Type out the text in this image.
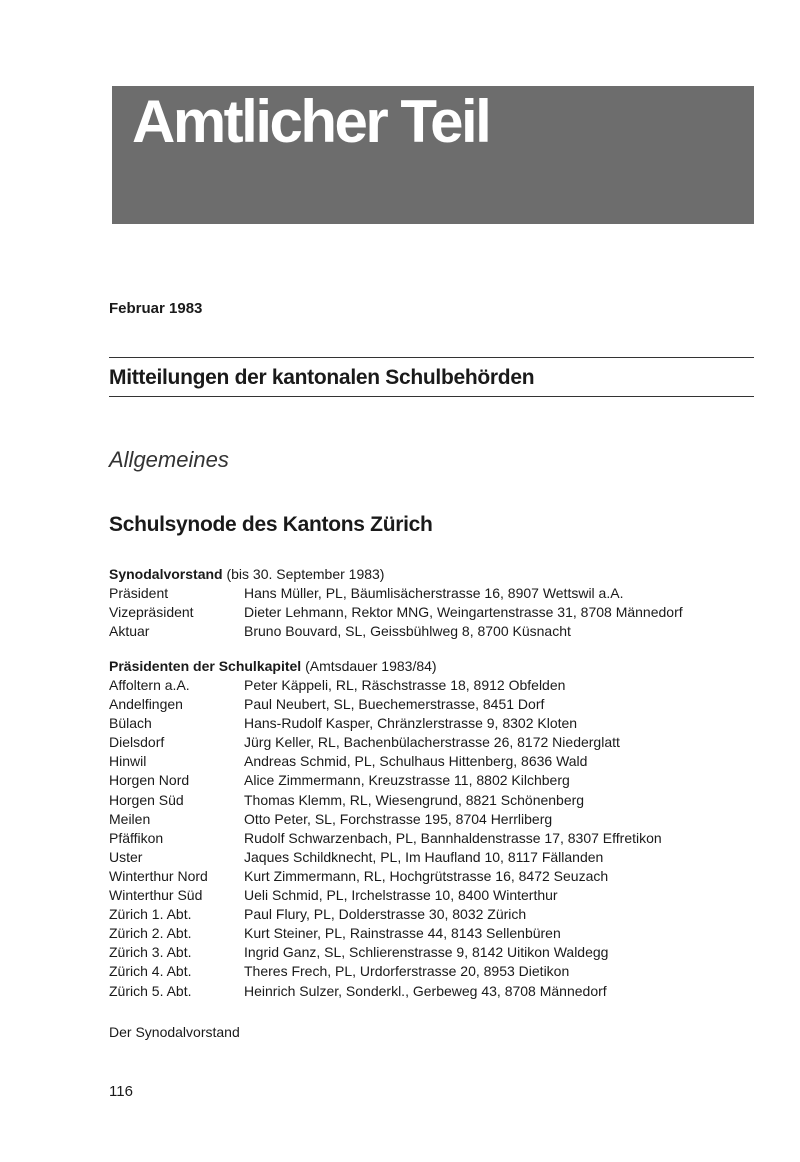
Amtlicher Teil
Februar 1983
Mitteilungen der kantonalen Schulbehörden
Allgemeines
Schulsynode des Kantons Zürich
Synodalvorstand (bis 30. September 1983)
Präsident	Hans Müller, PL, Bäumlisächerstrasse 16, 8907 Wettswil a.A.
Vizepräsident	Dieter Lehmann, Rektor MNG, Weingartenstrasse 31, 8708 Männedorf
Aktuar	Bruno Bouvard, SL, Geissbühlweg 8, 8700 Küsnacht
Präsidenten der Schulkapitel (Amtsdauer 1983/84)
Affoltern a.A.	Peter Käppeli, RL, Räschstrasse 18, 8912 Obfelden
Andelfingen	Paul Neubert, SL, Buechemerstrasse, 8451 Dorf
Bülach	Hans-Rudolf Kasper, Chränzlerstrasse 9, 8302 Kloten
Dielsdorf	Jürg Keller, RL, Bachenbülacherstrasse 26, 8172 Niederglatt
Hinwil	Andreas Schmid, PL, Schulhaus Hittenberg, 8636 Wald
Horgen Nord	Alice Zimmermann, Kreuzstrasse 11, 8802 Kilchberg
Horgen Süd	Thomas Klemm, RL, Wiesengrund, 8821 Schönenberg
Meilen	Otto Peter, SL, Forchstrasse 195, 8704 Herrliberg
Pfäffikon	Rudolf Schwarzenbach, PL, Bannhaldenstrasse 17, 8307 Effretikon
Uster	Jaques Schildknecht, PL, Im Haufland 10, 8117 Fällanden
Winterthur Nord	Kurt Zimmermann, RL, Hochgrütstrasse 16, 8472 Seuzach
Winterthur Süd	Ueli Schmid, PL, Irchelstrasse 10, 8400 Winterthur
Zürich 1. Abt.	Paul Flury, PL, Dolderstrasse 30, 8032 Zürich
Zürich 2. Abt.	Kurt Steiner, PL, Rainstrasse 44, 8143 Sellenbüren
Zürich 3. Abt.	Ingrid Ganz, SL, Schlierenstrasse 9, 8142 Uitikon Waldegg
Zürich 4. Abt.	Theres Frech, PL, Urdorferstrasse 20, 8953 Dietikon
Zürich 5. Abt.	Heinrich Sulzer, Sonderkl., Gerbeweg 43, 8708 Männedorf
Der Synodalvorstand
116
